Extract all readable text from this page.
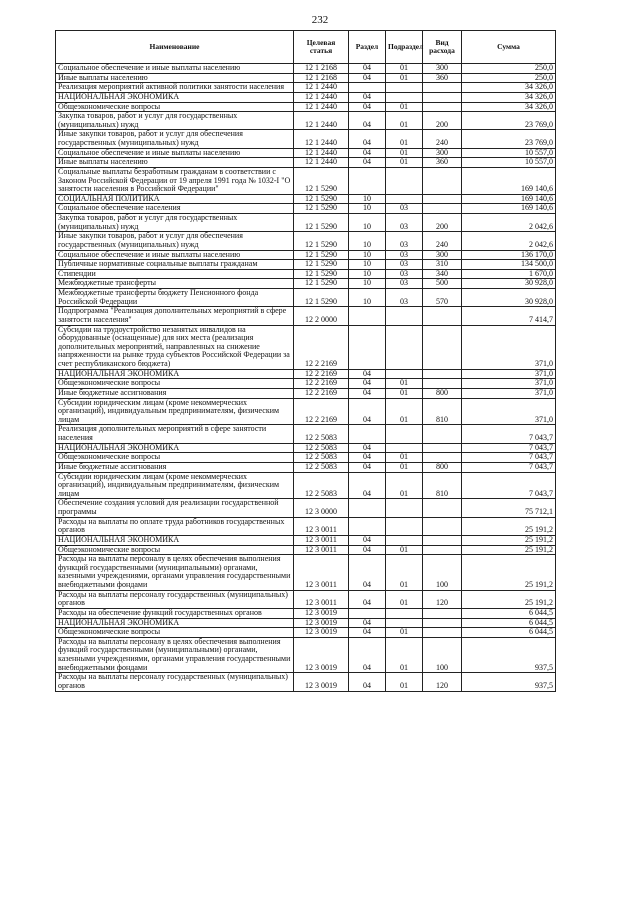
232
Наименование	Целевая статья	Раздел	Подраздел	Вид расхода	Сумма
Социальное обеспечение и иные выплаты населению	12 1 2168	04	01	300	250,0
Иные выплаты населению	12 1 2168	04	01	360	250,0
Реализация мероприятий активной политики занятости населения	12 1 2440				34 326,0
НАЦИОНАЛЬНАЯ ЭКОНОМИКА	12 1 2440	04			34 326,0
Общеэкономические вопросы	12 1 2440	04	01		34 326,0
Закупка товаров, работ и услуг для государственных (муниципальных) нужд	12 1 2440	04	01	200	23 769,0
Иные закупки товаров, работ и услуг для обеспечения государственных (муниципальных) нужд	12 1 2440	04	01	240	23 769,0
Социальное обеспечение и иные выплаты населению	12 1 2440	04	01	300	10 557,0
Иные выплаты населению	12 1 2440	04	01	360	10 557,0
Социальные выплаты безработным гражданам в соответствии с Законом Российской Федерации от 19 апреля 1991 года № 1032-I "О занятости населения в Российской Федерации"	12 1 5290				169 140,6
СОЦИАЛЬНАЯ ПОЛИТИКА	12 1 5290	10			169 140,6
Социальное обеспечение населения	12 1 5290	10	03		169 140,6
Закупка товаров, работ и услуг для государственных (муниципальных) нужд	12 1 5290	10	03	200	2 042,6
Иные закупки товаров, работ и услуг для обеспечения государственных (муниципальных) нужд	12 1 5290	10	03	240	2 042,6
Социальное обеспечение и иные выплаты населению	12 1 5290	10	03	300	136 170,0
Публичные нормативные социальные выплаты гражданам	12 1 5290	10	03	310	134 500,0
Стипендии	12 1 5290	10	03	340	1 670,0
Межбюджетные трансферты	12 1 5290	10	03	500	30 928,0
Межбюджетные трансферты бюджету Пенсионного фонда Российской Федерации	12 1 5290	10	03	570	30 928,0
Подпрограмма "Реализация дополнительных мероприятий в сфере занятости населения"	12 2 0000				7 414,7
Субсидии на трудоустройство незанятых инвалидов на оборудованные (оснащенные) для них места (реализация дополнительных мероприятий, направленных на снижение напряженности на рынке труда субъектов Российской Федерации за счет республиканского бюджета)	12 2 2169				371,0
НАЦИОНАЛЬНАЯ ЭКОНОМИКА	12 2 2169	04			371,0
Общеэкономические вопросы	12 2 2169	04	01		371,0
Иные бюджетные ассигнования	12 2 2169	04	01	800	371,0
Субсидии юридическим лицам (кроме некоммерческих организаций), индивидуальным предпринимателям, физическим лицам	12 2 2169	04	01	810	371,0
Реализация дополнительных мероприятий в сфере занятости населения	12 2 5083				7 043,7
НАЦИОНАЛЬНАЯ ЭКОНОМИКА	12 2 5083	04			7 043,7
Общеэкономические вопросы	12 2 5083	04	01		7 043,7
Иные бюджетные ассигнования	12 2 5083	04	01	800	7 043,7
Субсидии юридическим лицам (кроме некоммерческих организаций), индивидуальным предпринимателям, физическим лицам	12 2 5083	04	01	810	7 043,7
Обеспечение создания условий для реализации государственной программы	12 3 0000				75 712,1
Расходы на выплаты по оплате труда работников государственных органов	12 3 0011				25 191,2
НАЦИОНАЛЬНАЯ ЭКОНОМИКА	12 3 0011	04			25 191,2
Общеэкономические вопросы	12 3 0011	04	01		25 191,2
Расходы на выплаты персоналу в целях обеспечения выполнения функций государственными (муниципальными) органами, казенными учреждениями, органами управления государственными внебюджетными фондами	12 3 0011	04	01	100	25 191,2
Расходы на выплаты персоналу государственных (муниципальных) органов	12 3 0011	04	01	120	25 191,2
Расходы на обеспечение функций государственных органов	12 3 0019				6 044,5
НАЦИОНАЛЬНАЯ ЭКОНОМИКА	12 3 0019	04			6 044,5
Общеэкономические вопросы	12 3 0019	04	01		6 044,5
Расходы на выплаты персоналу в целях обеспечения выполнения функций государственными (муниципальными) органами, казенными учреждениями, органами управления государственными внебюджетными фондами	12 3 0019	04	01	100	937,5
Расходы на выплаты персоналу государственных (муниципальных) органов	12 3 0019	04	01	120	937,5
